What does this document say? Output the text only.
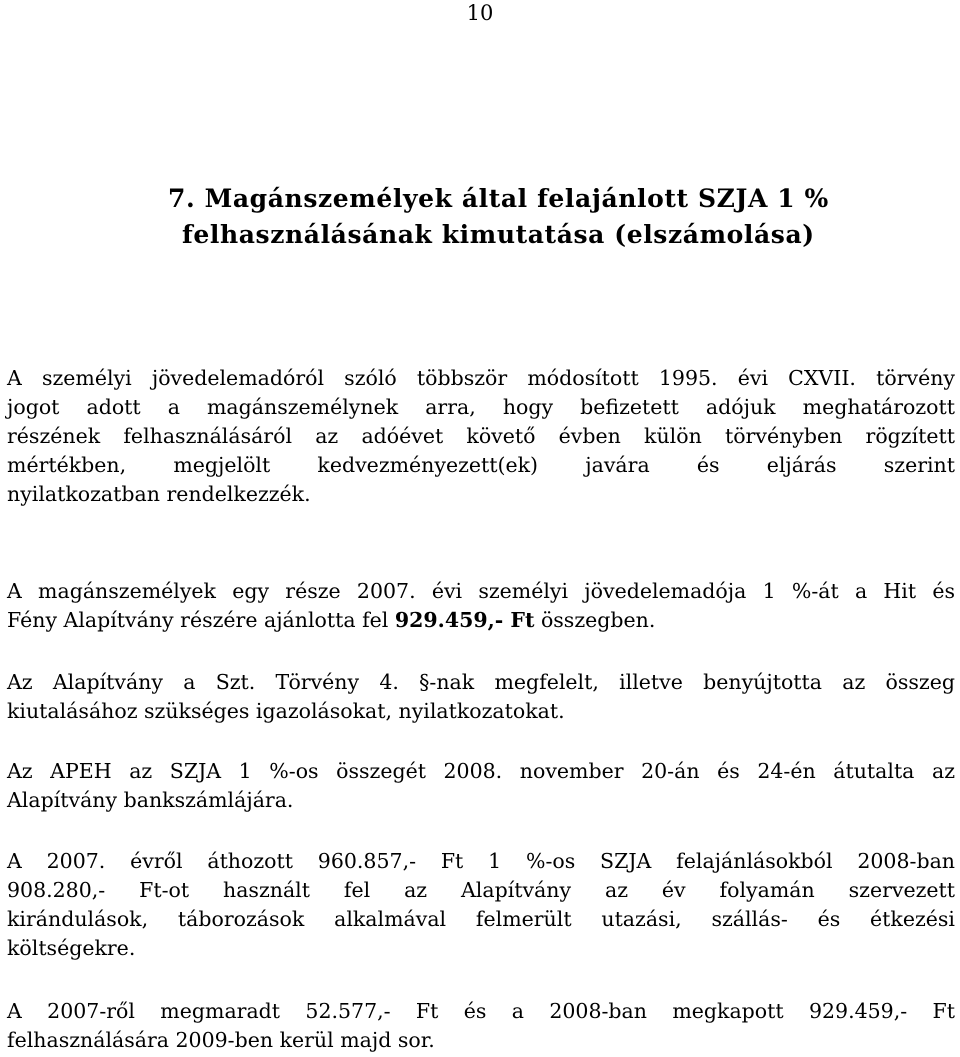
10
7. Magánszemélyek által felajánlott SZJA 1 %
felhasználásának kimutatása (elszámolása)
A személyi jövedelemadóról szóló többször módosított 1995. évi CXVII. törvény
jogot adott a magánszemélynek arra, hogy befizetett adójuk meghatározott
részének felhasználásáról az adóévet követő évben külön törvényben rögzített
mértékben, megjelölt kedvezményezett(ek) javára és eljárás szerint
nyilatkozatban rendelkezzék.
A magánszemélyek egy része 2007. évi személyi jövedelemadója 1 %-át a Hit és
Fény Alapítvány részére ajánlotta fel 929.459,- Ft összegben.
Az Alapítvány a Szt. Törvény 4. §-nak megfelelt, illetve benyújtotta az összeg
kiutalásához szükséges igazolásokat, nyilatkozatokat.
Az APEH az SZJA 1 %-os összegét 2008. november 20-án és 24-én átutalta az
Alapítvány bankszámlájára.
A 2007. évről áthozott 960.857,- Ft 1 %-os SZJA felajánlásokból 2008-ban
908.280,- Ft-ot használt fel az Alapítvány az év folyamán szervezett
kirándulások, táborozások alkalmával felmerült utazási, szállás- és étkezési
költségekre.
A 2007-ről megmaradt 52.577,- Ft és a 2008-ban megkapott 929.459,- Ft
felhasználására 2009-ben kerül majd sor.
